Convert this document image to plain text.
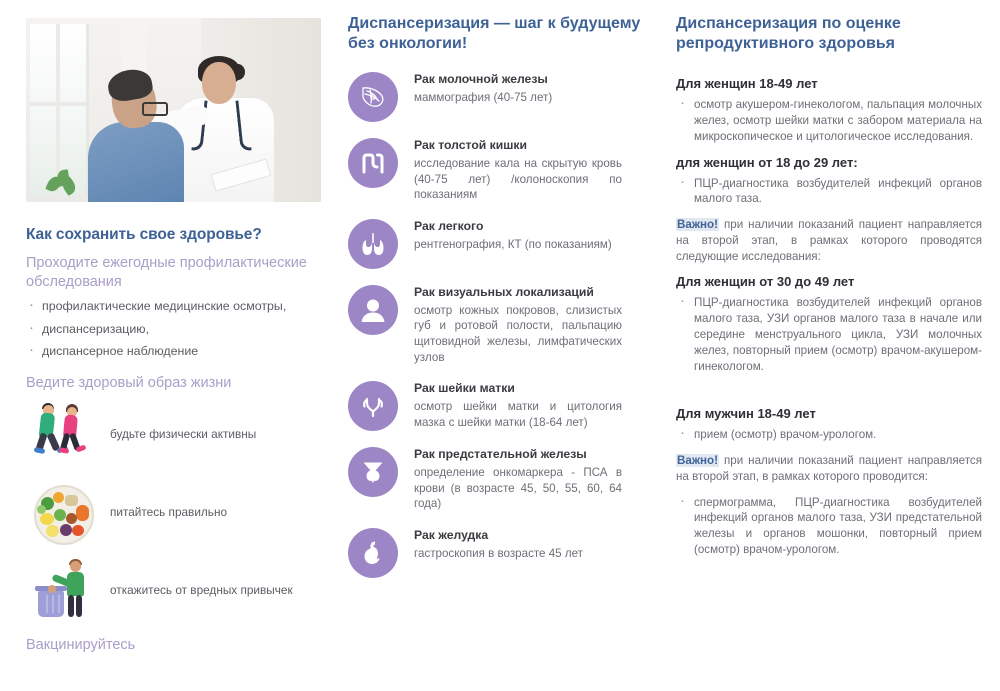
Как сохранить свое здоровье?
Проходите ежегодные профилактические обследования
· профилактические медицинские осмотры,
· диспансеризацию,
· диспансерное наблюдение
Ведите здоровый образ жизни
будьте физически активны
питайтесь правильно
откажитесь от вредных привычек
Вакцинируйтесь
Диспансеризация — шаг к будущему без онкологии!
Рак молочной железы
маммография (40-75 лет)
Рак толстой кишки
исследование кала на скрытую кровь (40-75 лет) /колоноскопия по показаниям
Рак легкого
рентгенография, КТ (по показаниям)
Рак визуальных локализаций
осмотр кожных покровов, слизистых губ и ротовой полости, пальпацию щитовидной железы, лимфатических узлов
Рак шейки матки
осмотр шейки матки и цитология мазка с шейки матки (18-64 лет)
Рак предстательной железы
определение онкомаркера - ПСА в крови (в возрасте 45, 50, 55, 60, 64 года)
Рак желудка
гастроскопия в возрасте 45 лет
Диспансеризация по оценке репродуктивного здоровья
Для женщин 18-49 лет
· осмотр акушером-гинекологом, пальпация молочных желез, осмотр шейки матки с забором материала на микроскопическое и цитологическое исследования.
для женщин от 18 до 29 лет:
· ПЦР-диагностика возбудителей инфекций органов малого таза.

Важно! при наличии показаний пациент направляется на второй этап, в рамках которого проводятся следующие исследования:

Для женщин от 30 до 49 лет
· ПЦР-диагностика возбудителей инфекций органов малого таза, УЗИ органов малого таза в начале или середине менструального цикла, УЗИ молочных желез, повторный прием (осмотр) врачом-акушером-гинекологом.
Для мужчин 18-49 лет
· прием (осмотр) врачом-урологом.

Важно! при наличии показаний пациент направляется на второй этап, в рамках которого проводится:

· спермограмма, ПЦР-диагностика возбудителей инфекций органов малого таза, УЗИ предстательной железы и органов мошонки, повторный прием (осмотр) врачом-урологом.
